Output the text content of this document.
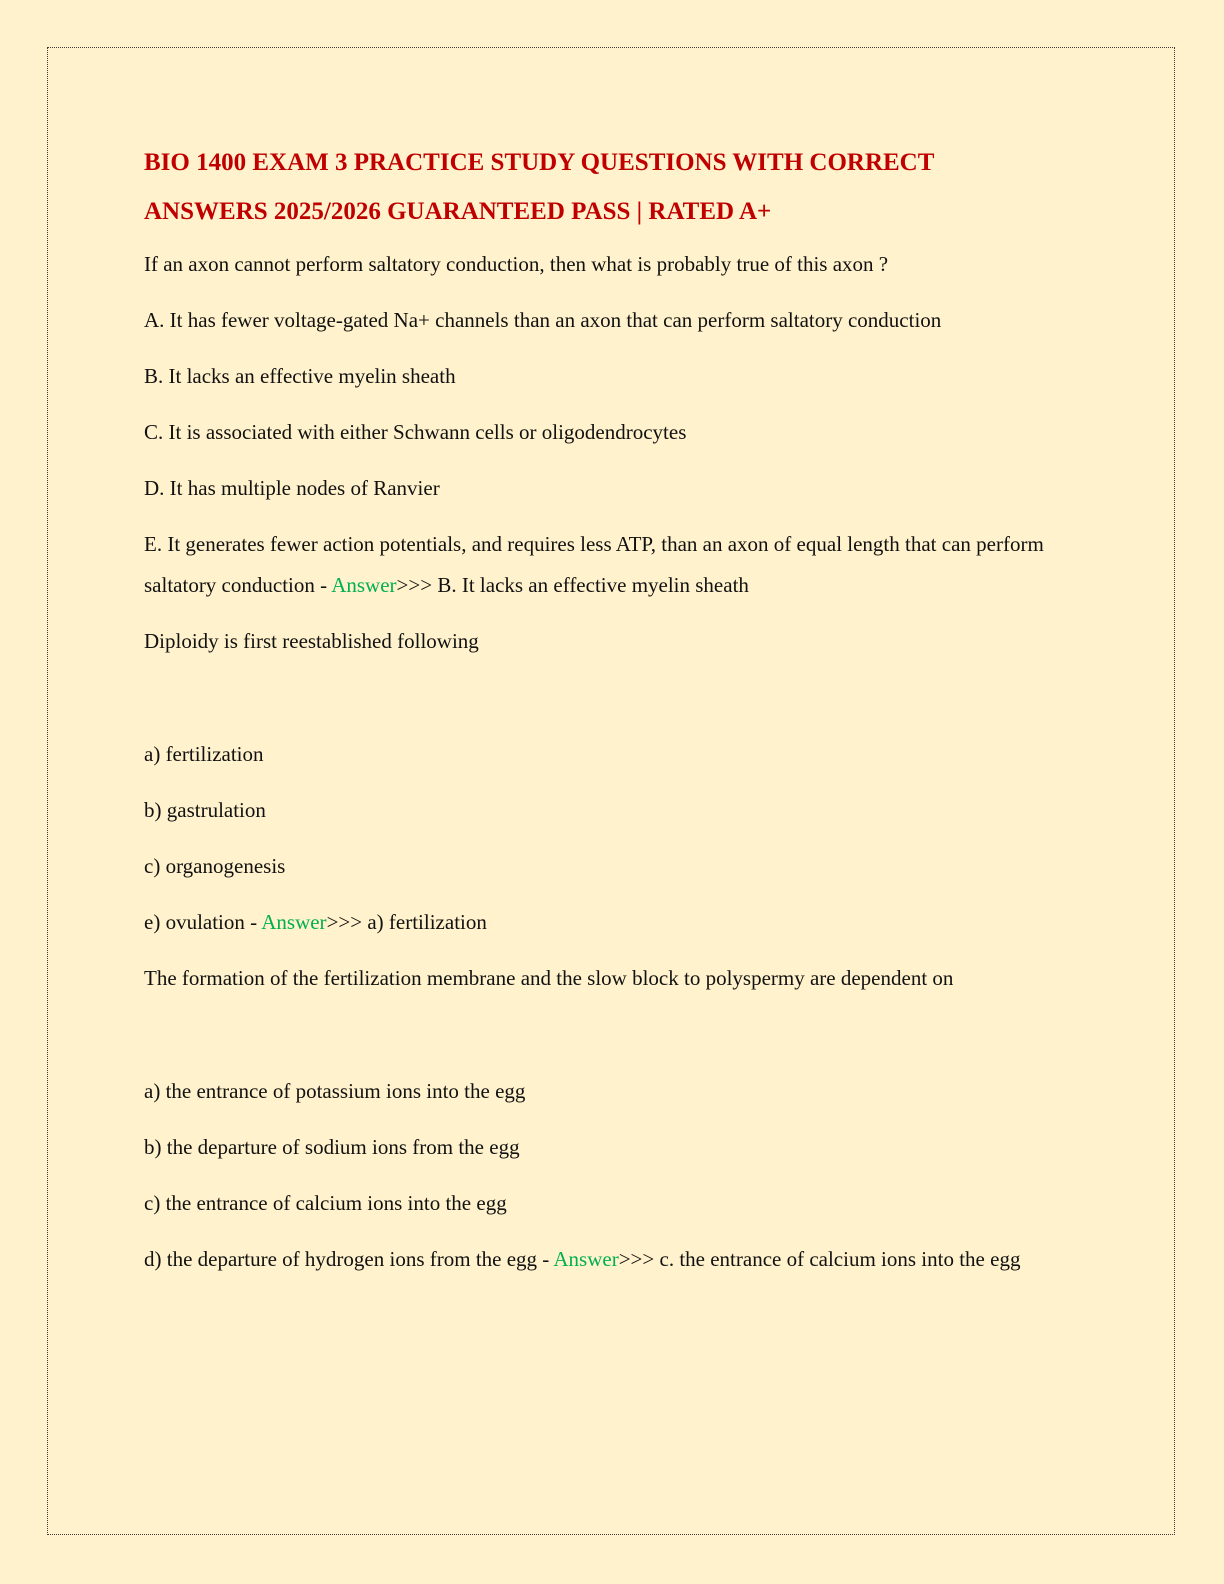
BIO 1400 EXAM 3 PRACTICE STUDY QUESTIONS WITH CORRECT
ANSWERS 2025/2026 GUARANTEED PASS | RATED A+

If an axon cannot perform saltatory conduction, then what is probably true of this axon ?

A. It has fewer voltage-gated Na+ channels than an axon that can perform saltatory conduction

B. It lacks an effective myelin sheath

C. It is associated with either Schwann cells or oligodendrocytes

D. It has multiple nodes of Ranvier

E. It generates fewer action potentials, and requires less ATP, than an axon of equal length that can perform saltatory conduction - Answer>>> B. It lacks an effective myelin sheath

Diploidy is first reestablished following

a) fertilization

b) gastrulation

c) organogenesis

e) ovulation - Answer>>> a) fertilization

The formation of the fertilization membrane and the slow block to polyspermy are dependent on

a) the entrance of potassium ions into the egg

b) the departure of sodium ions from the egg

c) the entrance of calcium ions into the egg

d) the departure of hydrogen ions from the egg - Answer>>> c. the entrance of calcium ions into the egg
